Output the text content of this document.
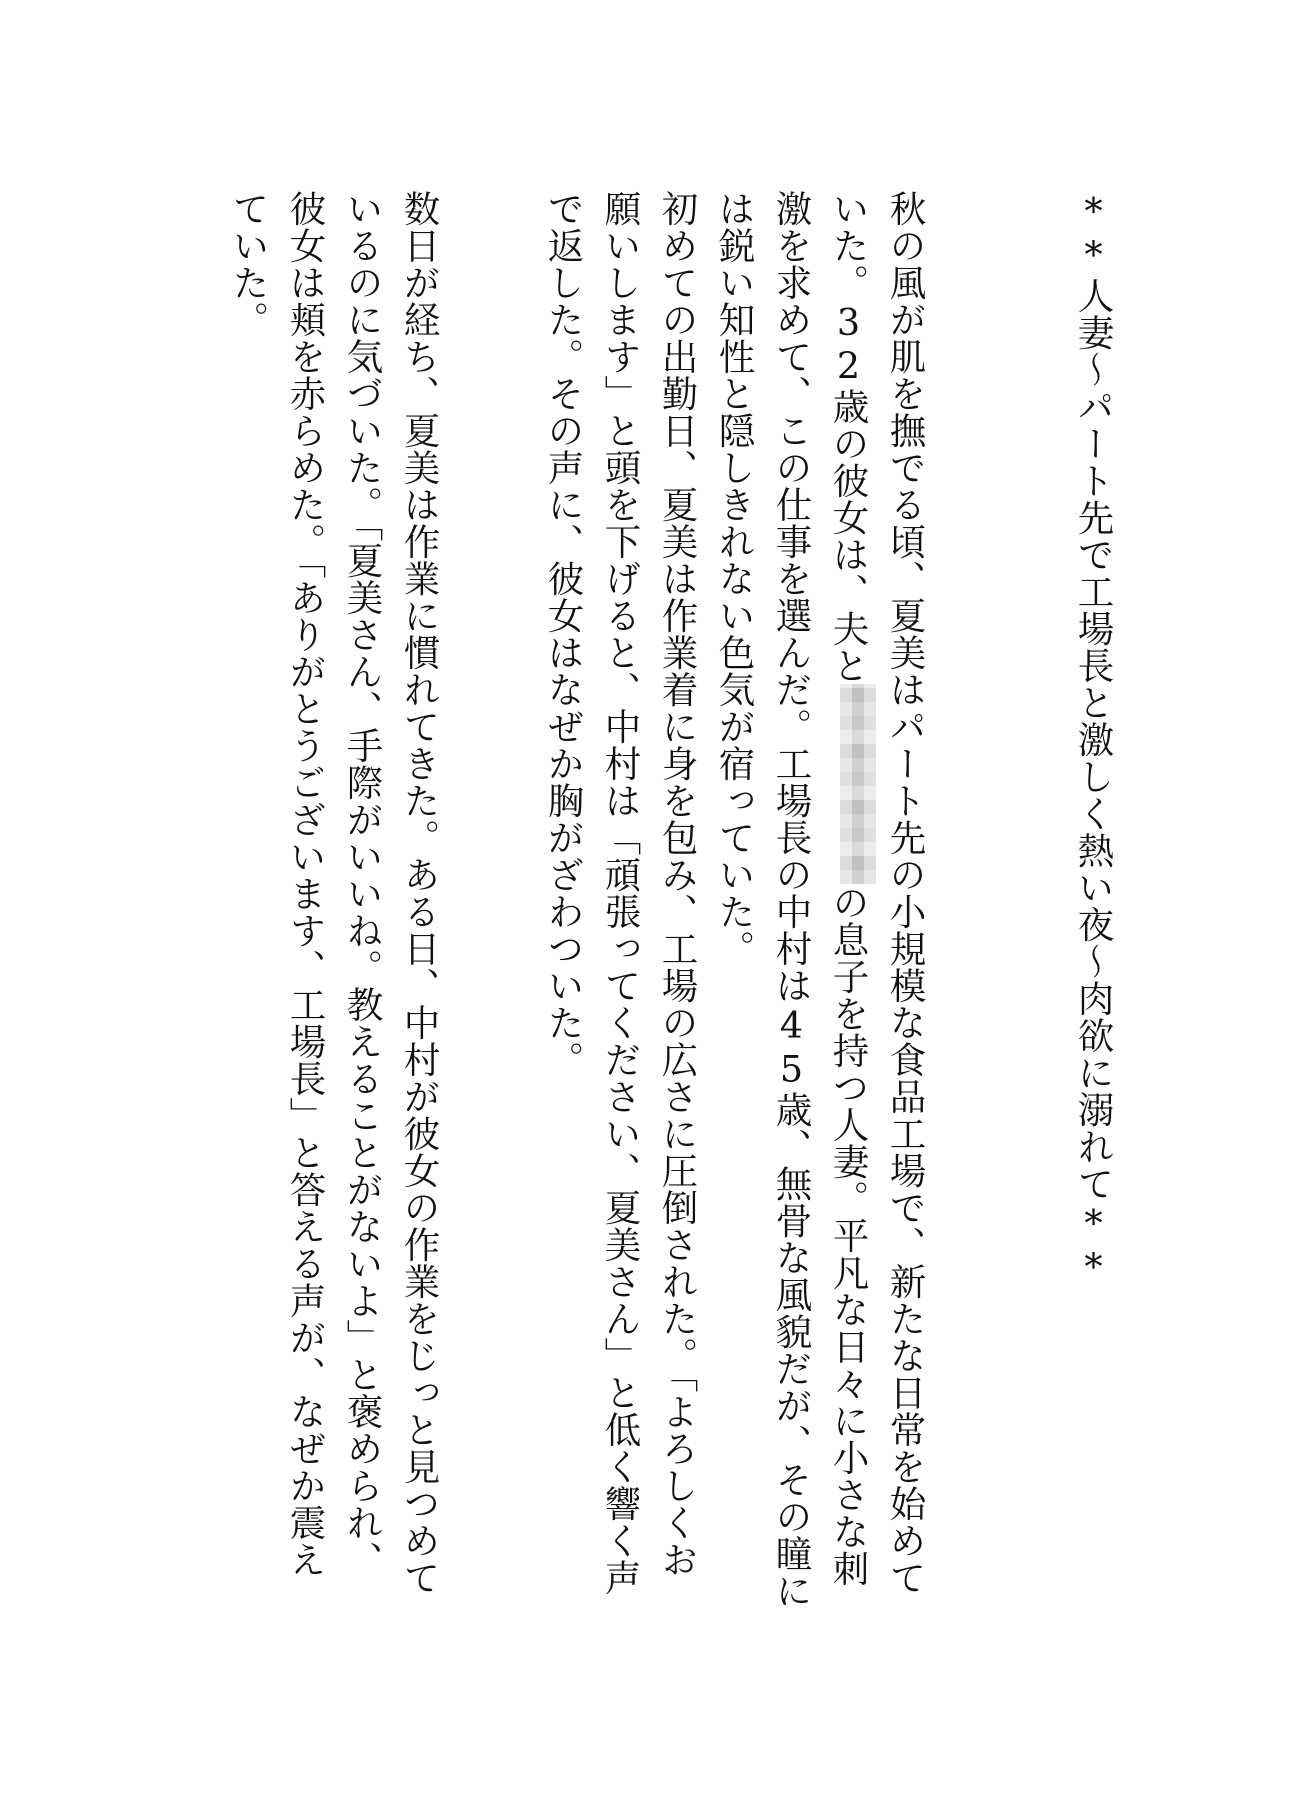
**人妻〜パート先で工場長と激しく熱い夜〜肉欲に溺れて**

秋の風が肌を撫でる頃、夏美はパート先の小規模な食品工場で、新たな日常を始めていた。32歳の彼女は、夫との息子を持つ人妻。平凡な日々に小さな刺激を求めて、この仕事を選んだ。工場長の中村は45歳、無骨な風貌だが、その瞳には鋭い知性と隠しきれない色気が宿っていた。

初めての出勤日、夏美は作業着に身を包み、工場の広さに圧倒された。「よろしくお願いします」と頭を下げると、中村は「頑張ってください、夏美さん」と低く響く声で返した。その声に、彼女はなぜか胸がざわついた。

数日が経ち、夏美は作業に慣れてきた。ある日、中村が彼女の作業をじっと見つめているのに気づいた。「夏美さん、手際がいいね。教えることがないよ」と褒められ、彼女は頬を赤らめた。「ありがとうございます、工場長」と答える声が、なぜか震えていた。
